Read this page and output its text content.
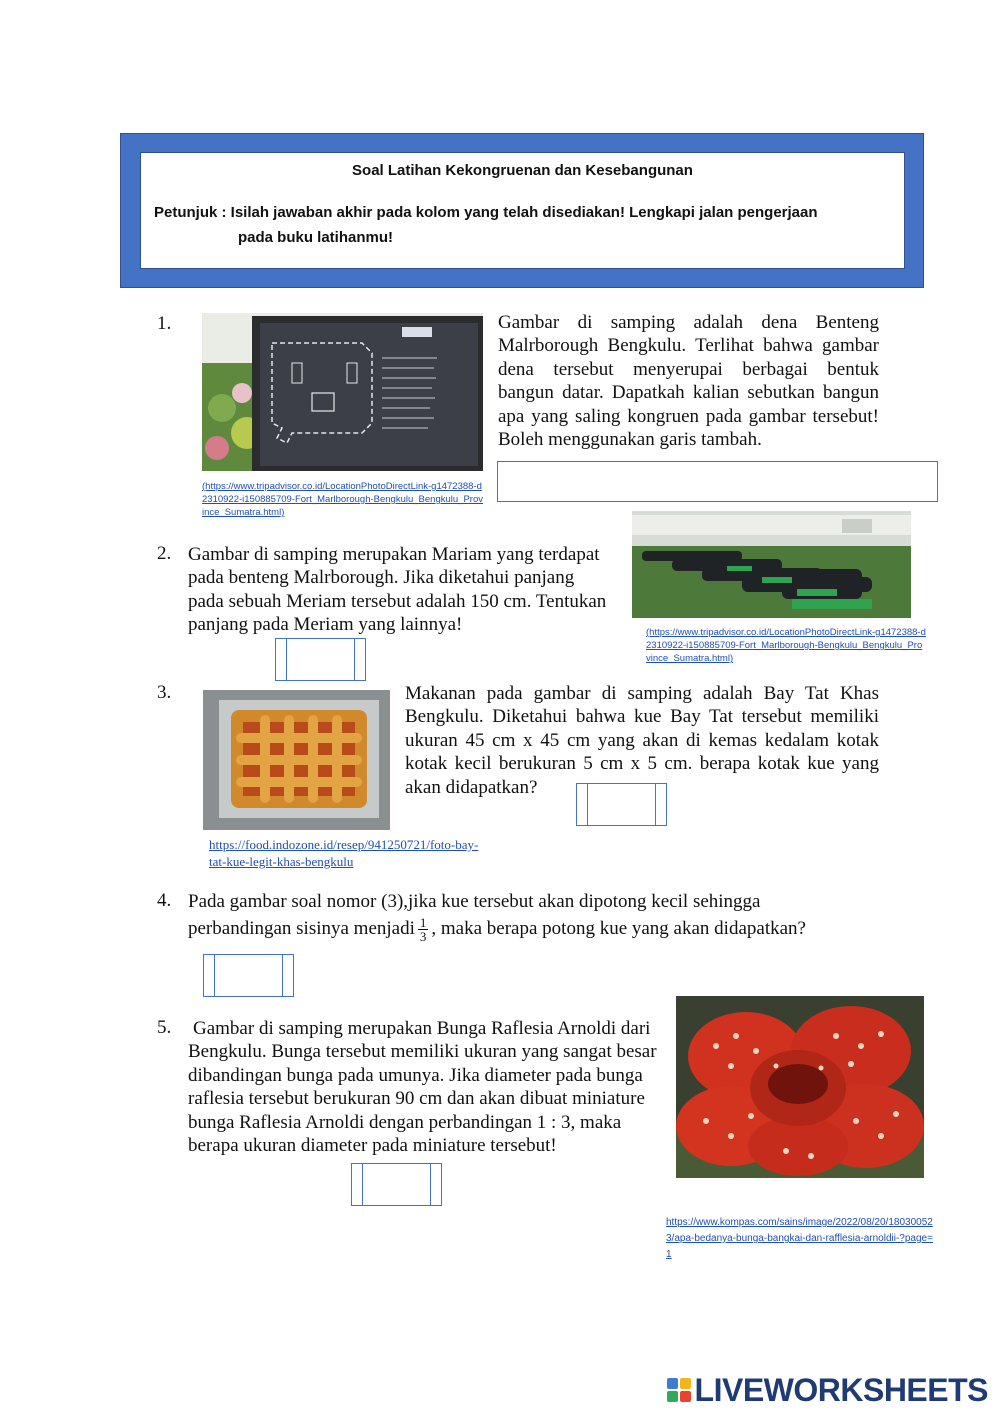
Soal Latihan Kekongruenan dan Kesebangunan
Petunjuk : Isilah jawaban akhir pada kolom yang telah disediakan! Lengkapi jalan pengerjaan
pada buku latihanmu!
1.
(https://www.tripadvisor.co.id/LocationPhotoDirectLink-g1472388-d2310922-i150885709-Fort_Marlborough-Bengkulu_Bengkulu_Province_Sumatra.html)
Gambar di samping adalah dena Benteng Malrborough Bengkulu. Terlihat bahwa gambar dena tersebut menyerupai berbagai bentuk bangun datar. Dapatkah kalian sebutkan bangun apa yang saling kongruen pada gambar tersebut! Boleh menggunakan garis tambah.
2. Gambar di samping merupakan Mariam yang terdapat pada benteng Malrborough. Jika diketahui panjang pada sebuah Meriam tersebut adalah 150 cm. Tentukan panjang pada Meriam yang lainnya!	(https://www.tripadvisor.co.id/LocationPhotoDirectLink-g1472388-d2310922-i150885709-Fort_Marlborough-Bengkulu_Bengkulu_Province_Sumatra.html)
3.
https://food.indozone.id/resep/941250721/foto-bay-tat-kue-legit-khas-bengkulu
Makanan pada gambar di samping adalah Bay Tat Khas Bengkulu. Diketahui bahwa kue Bay Tat tersebut memiliki ukuran 45 cm x 45 cm yang akan di kemas kedalam kotak kotak kecil berukuran 5 cm x 5 cm. berapa kotak kue yang akan didapatkan?
4. Pada gambar soal nomor (3),jika kue tersebut akan dipotong kecil sehingga
perbandingan sisinya menjadi $\frac{1}{3}$ , maka berapa potong kue yang akan didapatkan?
5. Gambar di samping merupakan Bunga Raflesia Arnoldi dari Bengkulu. Bunga tersebut memiliki ukuran yang sangat besar dibandingan bunga pada umunya. Jika diameter pada bunga raflesia tersebut berukuran 90 cm dan akan dibuat miniature bunga Raflesia Arnoldi dengan perbandingan 1 : 3, maka berapa ukuran diameter pada miniature tersebut!
https://www.kompas.com/sains/image/2022/08/20/180300523/apa-bedanya-bunga-bangkai-dan-rafflesia-arnoldii-?page=1
LIVEWORKSHEETS
